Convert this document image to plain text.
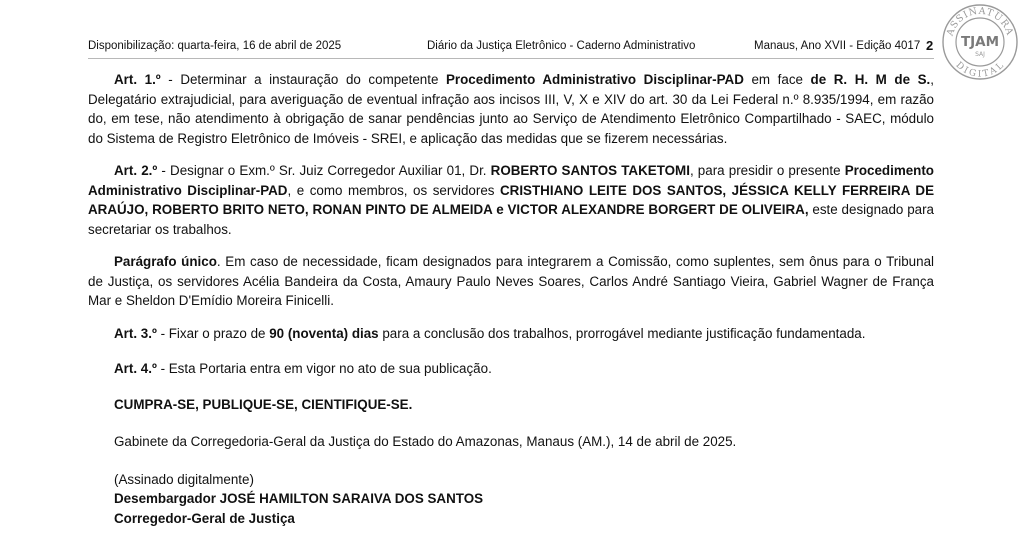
Disponibilização: quarta-feira, 16 de abril de 2025	Diário da Justiça Eletrônico - Caderno Administrativo	Manaus, Ano XVII - Edição 4017 2
ASSINATURA
DIGITAL
TJAM
SAJ

Art. 1.º - Determinar a instauração do competente Procedimento Administrativo Disciplinar-PAD em face de R. H. M de S., Delegatário extrajudicial, para averiguação de eventual infração aos incisos III, V, X e XIV do art. 30 da Lei Federal n.º 8.935/1994, em razão do, em tese, não atendimento à obrigação de sanar pendências junto ao Serviço de Atendimento Eletrônico Compartilhado - SAEC, módulo do Sistema de Registro Eletrônico de Imóveis - SREI, e aplicação das medidas que se fizerem necessárias.

Art. 2.º - Designar o Exm.º Sr. Juiz Corregedor Auxiliar 01, Dr. ROBERTO SANTOS TAKETOMI, para presidir o presente Procedimento Administrativo Disciplinar-PAD, e como membros, os servidores CRISTHIANO LEITE DOS SANTOS, JÉSSICA KELLY FERREIRA DE ARAÚJO, ROBERTO BRITO NETO, RONAN PINTO DE ALMEIDA e VICTOR ALEXANDRE BORGERT DE OLIVEIRA, este designado para secretariar os trabalhos.

Parágrafo único. Em caso de necessidade, ficam designados para integrarem a Comissão, como suplentes, sem ônus para o Tribunal de Justiça, os servidores Acélia Bandeira da Costa, Amaury Paulo Neves Soares, Carlos André Santiago Vieira, Gabriel Wagner de França Mar e Sheldon D'Emídio Moreira Finicelli.

Art. 3.º - Fixar o prazo de 90 (noventa) dias para a conclusão dos trabalhos, prorrogável mediante justificação fundamentada.

Art. 4.º - Esta Portaria entra em vigor no ato de sua publicação.

CUMPRA-SE, PUBLIQUE-SE, CIENTIFIQUE-SE.

Gabinete da Corregedoria-Geral da Justiça do Estado do Amazonas, Manaus (AM.), 14 de abril de 2025.

(Assinado digitalmente)

Desembargador JOSÉ HAMILTON SARAIVA DOS SANTOS

Corregedor-Geral de Justiça
